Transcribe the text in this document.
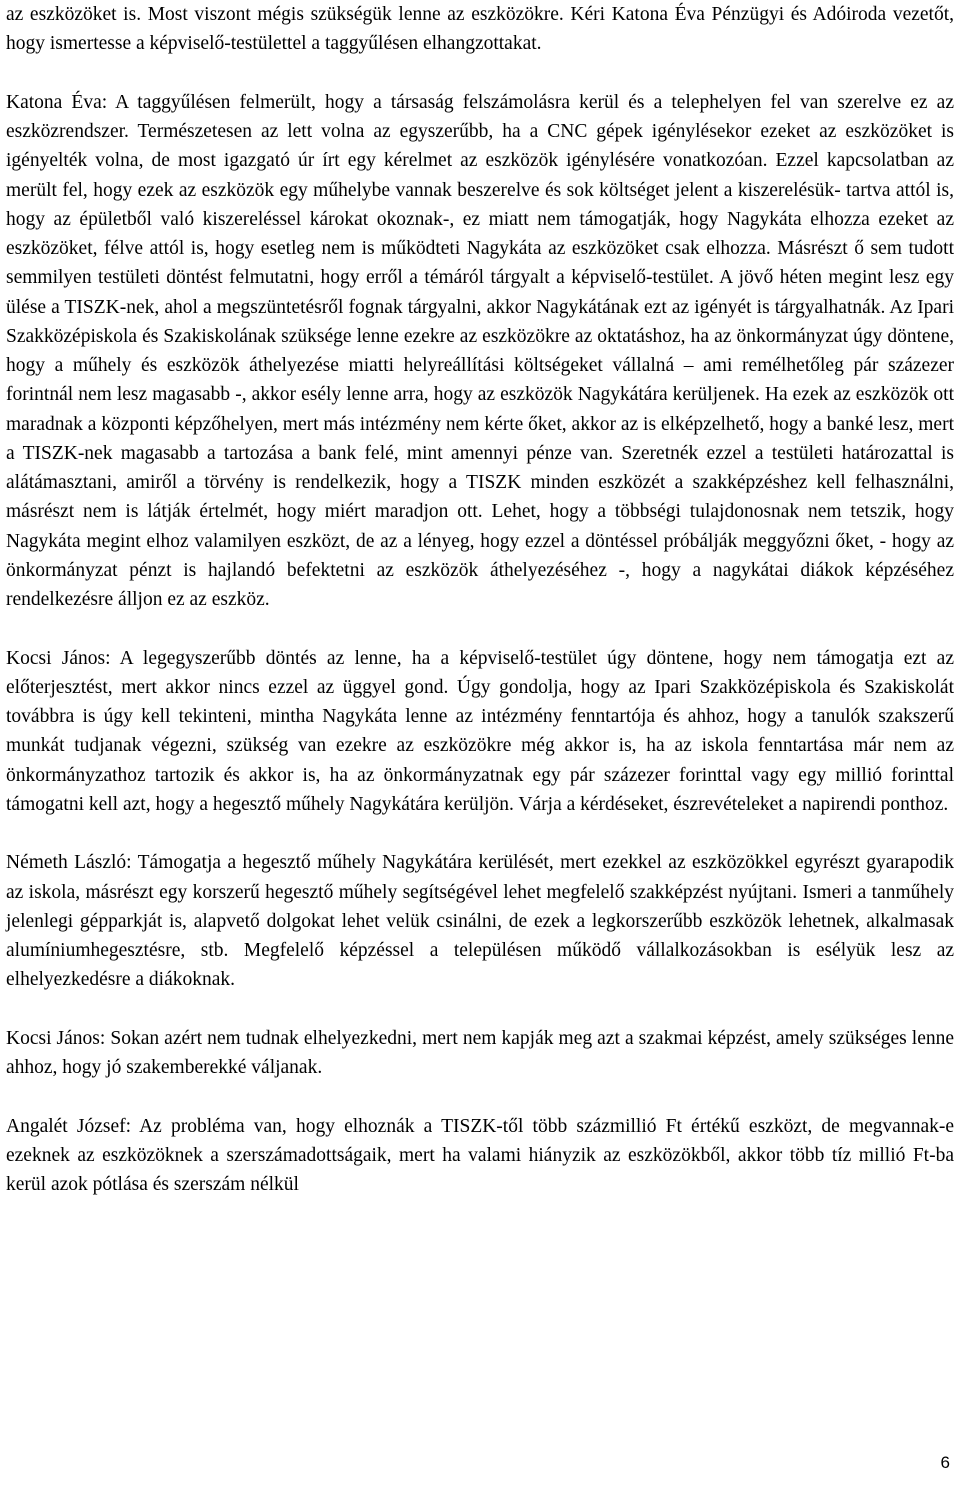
az eszközöket is. Most viszont mégis szükségük lenne az eszközökre. Kéri Katona Éva Pénzügyi és Adóiroda vezetőt, hogy ismertesse a képviselő-testülettel a taggyűlésen elhangzottakat.

Katona Éva: A taggyűlésen felmerült, hogy a társaság felszámolásra kerül és a telephelyen fel van szerelve ez az eszközrendszer. Természetesen az lett volna az egyszerűbb, ha a CNC gépek igénylésekor ezeket az eszközöket is igényelték volna, de most igazgató úr írt egy kérelmet az eszközök igénylésére vonatkozóan. Ezzel kapcsolatban az merült fel, hogy ezek az eszközök egy műhelybe vannak beszerelve és sok költséget jelent a kiszerelésük- tartva attól is, hogy az épületből való kiszereléssel károkat okoznak-, ez miatt nem támogatják, hogy Nagykáta elhozza ezeket az eszközöket, félve attól is, hogy esetleg nem is működteti Nagykáta az eszközöket csak elhozza. Másrészt ő sem tudott semmilyen testületi döntést felmutatni, hogy erről a témáról tárgyalt a képviselő-testület. A jövő héten megint lesz egy ülése a TISZK-nek, ahol a megszüntetésről fognak tárgyalni, akkor Nagykátának ezt az igényét is tárgyalhatnák. Az Ipari Szakközépiskola és Szakiskolának szüksége lenne ezekre az eszközökre az oktatáshoz, ha az önkormányzat úgy döntene, hogy a műhely és eszközök áthelyezése miatti helyreállítási költségeket vállalná – ami remélhetőleg pár százezer forintnál nem lesz magasabb -, akkor esély lenne arra, hogy az eszközök Nagykátára kerüljenek. Ha ezek az eszközök ott maradnak a központi képzőhelyen, mert más intézmény nem kérte őket, akkor az is elképzelhető, hogy a banké lesz, mert a TISZK-nek magasabb a tartozása a bank felé, mint amennyi pénze van. Szeretnék ezzel a testületi határozattal is alátámasztani, amiről a törvény is rendelkezik, hogy a TISZK minden eszközét a szakképzéshez kell felhasználni, másrészt nem is látják értelmét, hogy miért maradjon ott. Lehet, hogy a többségi tulajdonosnak nem tetszik, hogy Nagykáta megint elhoz valamilyen eszközt, de az a lényeg, hogy ezzel a döntéssel próbálják meggyőzni őket, - hogy az önkormányzat pénzt is hajlandó befektetni az eszközök áthelyezéséhez -, hogy a nagykátai diákok képzéséhez rendelkezésre álljon ez az eszköz.

Kocsi János: A legegyszerűbb döntés az lenne, ha a képviselő-testület úgy döntene, hogy nem támogatja ezt az előterjesztést, mert akkor nincs ezzel az üggyel gond. Úgy gondolja, hogy az Ipari Szakközépiskola és Szakiskolát továbbra is úgy kell tekinteni, mintha Nagykáta lenne az intézmény fenntartója és ahhoz, hogy a tanulók szakszerű munkát tudjanak végezni, szükség van ezekre az eszközökre még akkor is, ha az iskola fenntartása már nem az önkormányzathoz tartozik és akkor is, ha az önkormányzatnak egy pár százezer forinttal vagy egy millió forinttal támogatni kell azt, hogy a hegesztő műhely Nagykátára kerüljön. Várja a kérdéseket, észrevételeket a napirendi ponthoz.

Németh László: Támogatja a hegesztő műhely Nagykátára kerülését, mert ezekkel az eszközökkel egyrészt gyarapodik az iskola, másrészt egy korszerű hegesztő műhely segítségével lehet megfelelő szakképzést nyújtani. Ismeri a tanműhely jelenlegi gépparkját is, alapvető dolgokat lehet velük csinálni, de ezek a legkorszerűbb eszközök lehetnek, alkalmasak alumíniumhegesztésre, stb. Megfelelő képzéssel a településen működő vállalkozásokban is esélyük lesz az elhelyezkedésre a diákoknak.

Kocsi János: Sokan azért nem tudnak elhelyezkedni, mert nem kapják meg azt a szakmai képzést, amely szükséges lenne ahhoz, hogy jó szakemberekké váljanak.

Angalét József: Az probléma van, hogy elhoznák a TISZK-től több százmillió Ft értékű eszközt, de megvannak-e ezeknek az eszközöknek a szerszámadottságaik, mert ha valami hiányzik az eszközökből, akkor több tíz millió Ft-ba kerül azok pótlása és szerszám nélkül

6
